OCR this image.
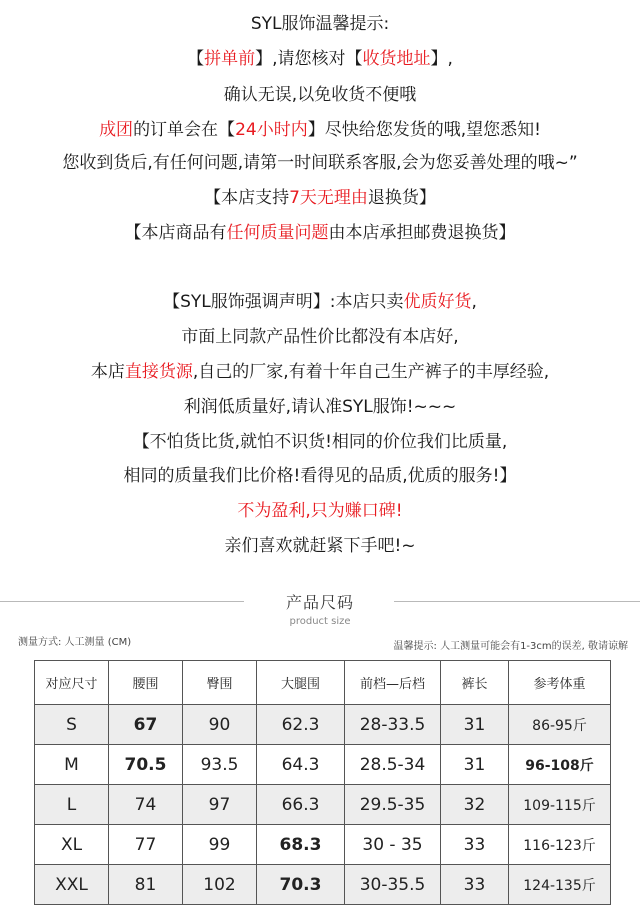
SYL服饰温馨提示:
【拼单前】,请您核对【收货地址】,
确认无误,以免收货不便哦
成团的订单会在【24小时内】尽快给您发货的哦,望您悉知!
您收到货后,有任何问题,请第一时间联系客服,会为您妥善处理的哦~”
【本店支持7天无理由退换货】
【本店商品有任何质量问题由本店承担邮费退换货】
【SYL服饰强调声明】:本店只卖优质好货,
市面上同款产品性价比都没有本店好,
本店直接货源,自己的厂家,有着十年自己生产裤子的丰厚经验,
利润低质量好,请认准SYL服饰!~~~
【不怕货比货,就怕不识货!相同的价位我们比质量,
相同的质量我们比价格!看得见的品质,优质的服务!】
不为盈利,只为赚口碑!
亲们喜欢就赶紧下手吧!~
产品尺码
product size
测量方式: 人工测量 (CM)	温馨提示: 人工测量可能会有1-3cm的误差, 敬请谅解
对应尺寸	腰围	臀围	大腿围	前档—后档	裤长	参考体重
S	67	90	62.3	28-33.5	31	86-95斤
M	70.5	93.5	64.3	28.5-34	31	96-108斤
L	74	97	66.3	29.5-35	32	109-115斤
XL	77	99	68.3	30 - 35	33	116-123斤
XXL	81	102	70.3	30-35.5	33	124-135斤
